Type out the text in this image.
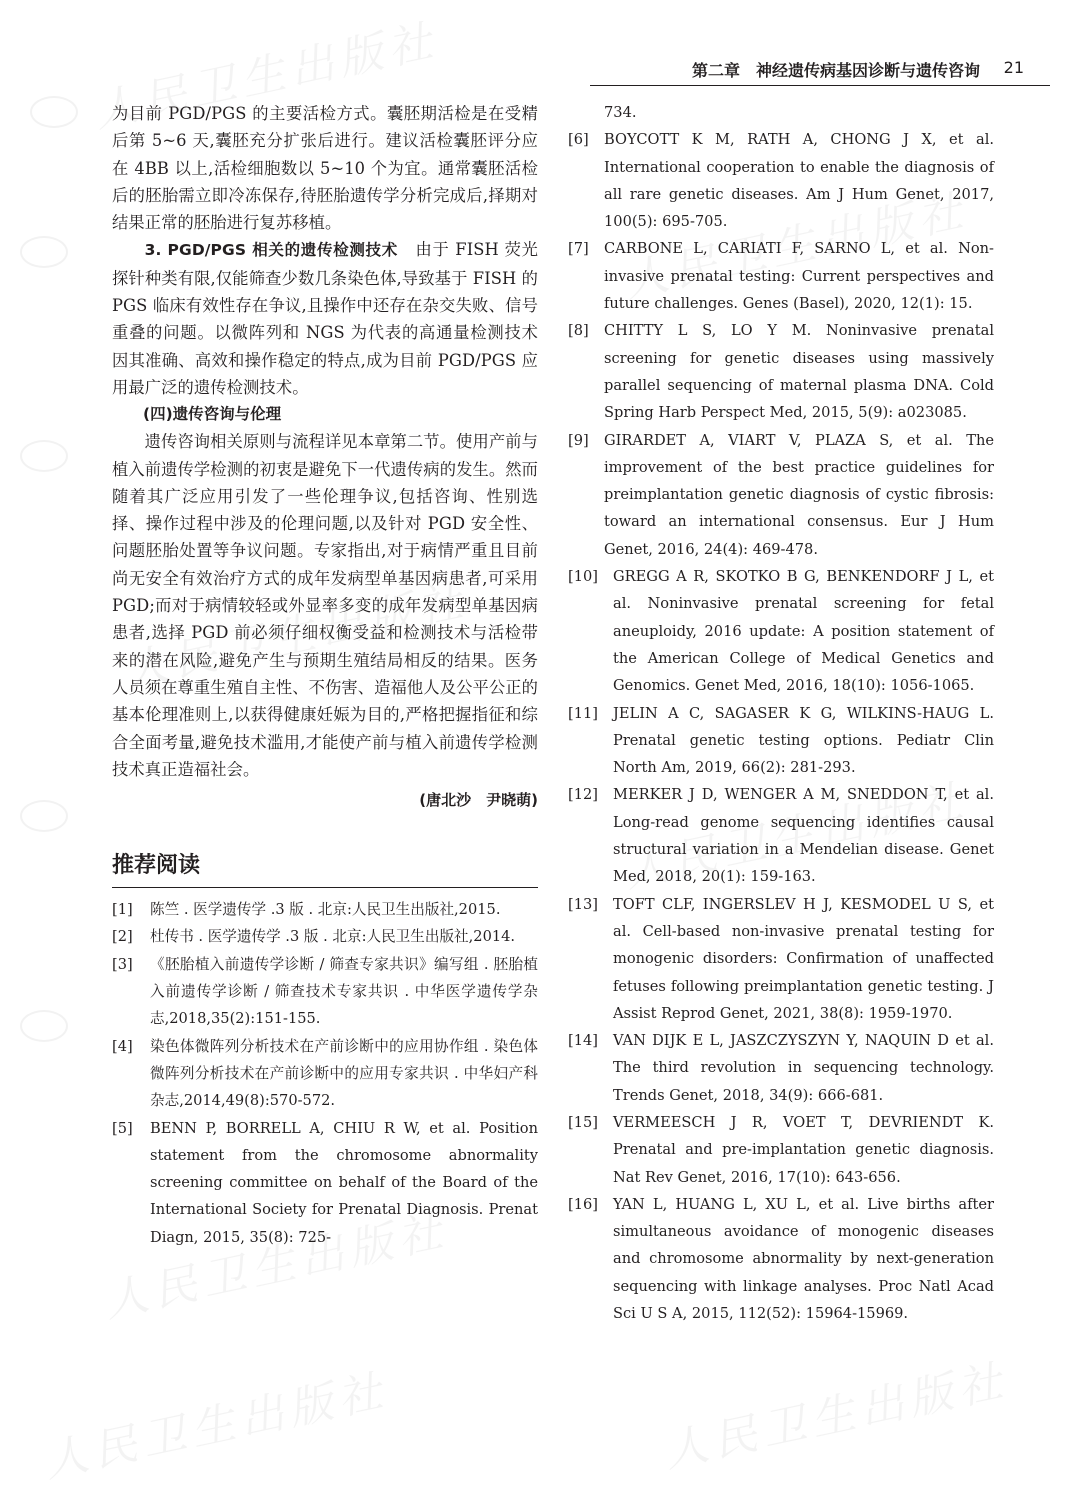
第二章　神经遗传病基因诊断与遗传咨询 21

为目前 PGD/PGS 的主要活检方式。囊胚期活检是在受精后第 5~6 天,囊胚充分扩张后进行。建议活检囊胚评分应在 4BB 以上,活检细胞数以 5~10 个为宜。通常囊胚活检后的胚胎需立即冷冻保存,待胚胎遗传学分析完成后,择期对结果正常的胚胎进行复苏移植。

3. PGD/PGS 相关的遗传检测技术 由于 FISH 荧光探针种类有限,仅能筛查少数几条染色体,导致基于 FISH 的 PGS 临床有效性存在争议,且操作中还存在杂交失败、信号重叠的问题。以微阵列和 NGS 为代表的高通量检测技术因其准确、高效和操作稳定的特点,成为目前 PGD/PGS 应用最广泛的遗传检测技术。

(四)遗传咨询与伦理

遗传咨询相关原则与流程详见本章第二节。使用产前与植入前遗传学检测的初衷是避免下一代遗传病的发生。然而随着其广泛应用引发了一些伦理争议,包括咨询、性别选择、操作过程中涉及的伦理问题,以及针对 PGD 安全性、问题胚胎处置等争议问题。专家指出,对于病情严重且目前尚无安全有效治疗方式的成年发病型单基因病患者,可采用 PGD;而对于病情较轻或外显率多变的成年发病型单基因病患者,选择 PGD 前必须仔细权衡受益和检测技术与活检带来的潜在风险,避免产生与预期生殖结局相反的结果。医务人员须在尊重生殖自主性、不伤害、造福他人及公平公正的基本伦理准则上,以获得健康妊娠为目的,严格把握指征和综合全面考量,避免技术滥用,才能使产前与植入前遗传学检测技术真正造福社会。

(唐北沙　尹晓萌)

推荐阅读
[1]	陈竺 . 医学遗传学 .3 版 . 北京:人民卫生出版社,2015.
[2]	杜传书 . 医学遗传学 .3 版 . 北京:人民卫生出版社,2014.
[3]	《胚胎植入前遗传学诊断 / 筛查专家共识》编写组 . 胚胎植入前遗传学诊断 / 筛查技术专家共识 . 中华医学遗传学杂志,2018,35(2):151-155.
[4]	染色体微阵列分析技术在产前诊断中的应用协作组 . 染色体微阵列分析技术在产前诊断中的应用专家共识 . 中华妇产科杂志,2014,49(8):570-572.
[5]	BENN P, BORRELL A, CHIU R W, et al. Position statement from the chromosome abnormality screening committee on behalf of the Board of the International Society for Prenatal Diagnosis. Prenat Diagn, 2015, 35(8): 725-
734.
[6]	BOYCOTT K M, RATH A, CHONG J X, et al. International cooperation to enable the diagnosis of all rare genetic diseases. Am J Hum Genet, 2017, 100(5): 695-705.
[7]	CARBONE L, CARIATI F, SARNO L, et al. Non-invasive prenatal testing: Current perspectives and future challenges. Genes (Basel), 2020, 12(1): 15.
[8]	CHITTY L S, LO Y M. Noninvasive prenatal screening for genetic diseases using massively parallel sequencing of maternal plasma DNA. Cold Spring Harb Perspect Med, 2015, 5(9): a023085.
[9]	GIRARDET A, VIART V, PLAZA S, et al. The improvement of the best practice guidelines for preimplantation genetic diagnosis of cystic fibrosis: toward an international consensus. Eur J Hum Genet, 2016, 24(4): 469-478.
[10]	GREGG A R, SKOTKO B G, BENKENDORF J L, et al. Noninvasive prenatal screening for fetal aneuploidy, 2016 update: A position statement of the American College of Medical Genetics and Genomics. Genet Med, 2016, 18(10): 1056-1065.
[11]	JELIN A C, SAGASER K G, WILKINS-HAUG L. Prenatal genetic testing options. Pediatr Clin North Am, 2019, 66(2): 281-293.
[12]	MERKER J D, WENGER A M, SNEDDON T, et al. Long-read genome sequencing identifies causal structural variation in a Mendelian disease. Genet Med, 2018, 20(1): 159-163.
[13]	TOFT CLF, INGERSLEV H J, KESMODEL U S, et al. Cell-based non-invasive prenatal testing for monogenic disorders: Confirmation of unaffected fetuses following preimplantation genetic testing. J Assist Reprod Genet, 2021, 38(8): 1959-1970.
[14]	VAN DIJK E L, JASZCZYSZYN Y, NAQUIN D et al. The third revolution in sequencing technology. Trends Genet, 2018, 34(9): 666-681.
[15]	VERMEESCH J R, VOET T, DEVRIENDT K. Prenatal and pre-implantation genetic diagnosis. Nat Rev Genet, 2016, 17(10): 643-656.
[16]	YAN L, HUANG L, XU L, et al. Live births after simultaneous avoidance of monogenic diseases and chromosome abnormality by next-generation sequencing with linkage analyses. Proc Natl Acad Sci U S A, 2015, 112(52): 15964-15969.
